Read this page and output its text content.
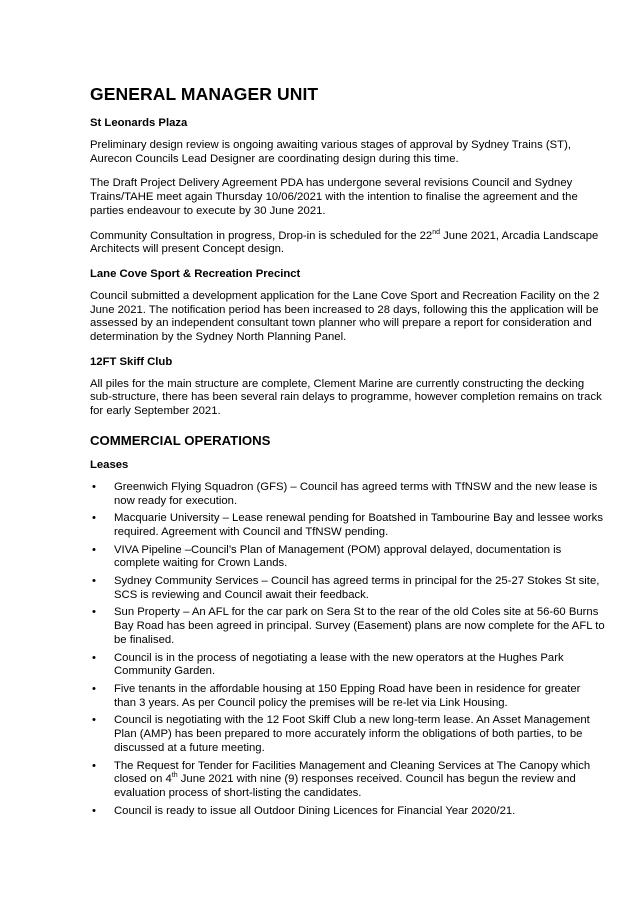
GENERAL MANAGER UNIT
St Leonards Plaza

Preliminary design review is ongoing awaiting various stages of approval by Sydney Trains (ST), Aurecon Councils Lead Designer are coordinating design during this time.

The Draft Project Delivery Agreement PDA has undergone several revisions Council and Sydney Trains/TAHE meet again Thursday 10/06/2021 with the intention to finalise the agreement and the parties endeavour to execute by 30 June 2021.

Community Consultation in progress, Drop-in is scheduled for the 22nd June 2021, Arcadia Landscape Architects will present Concept design.

Lane Cove Sport & Recreation Precinct

Council submitted a development application for the Lane Cove Sport and Recreation Facility on the 2 June 2021. The notification period has been increased to 28 days, following this the application will be assessed by an independent consultant town planner who will prepare a report for consideration and determination by the Sydney North Planning Panel.

12FT Skiff Club

All piles for the main structure are complete, Clement Marine are currently constructing the decking sub-structure, there has been several rain delays to programme, however completion remains on track for early September 2021.

COMMERCIAL OPERATIONS
Leases
• Greenwich Flying Squadron (GFS) – Council has agreed terms with TfNSW and the new lease is now ready for execution.
• Macquarie University – Lease renewal pending for Boatshed in Tambourine Bay and lessee works required. Agreement with Council and TfNSW pending.
• VIVA Pipeline –Council’s Plan of Management (POM) approval delayed, documentation is complete waiting for Crown Lands.
• Sydney Community Services – Council has agreed terms in principal for the 25-27 Stokes St site, SCS is reviewing and Council await their feedback.
• Sun Property – An AFL for the car park on Sera St to the rear of the old Coles site at 56-60 Burns Bay Road has been agreed in principal. Survey (Easement) plans are now complete for the AFL to be finalised.
• Council is in the process of negotiating a lease with the new operators at the Hughes Park Community Garden.
• Five tenants in the affordable housing at 150 Epping Road have been in residence for greater than 3 years. As per Council policy the premises will be re-let via Link Housing.
• Council is negotiating with the 12 Foot Skiff Club a new long-term lease. An Asset Management Plan (AMP) has been prepared to more accurately inform the obligations of both parties, to be discussed at a future meeting.
• The Request for Tender for Facilities Management and Cleaning Services at The Canopy which closed on 4th June 2021 with nine (9) responses received. Council has begun the review and evaluation process of short-listing the candidates.
• Council is ready to issue all Outdoor Dining Licences for Financial Year 2020/21.
